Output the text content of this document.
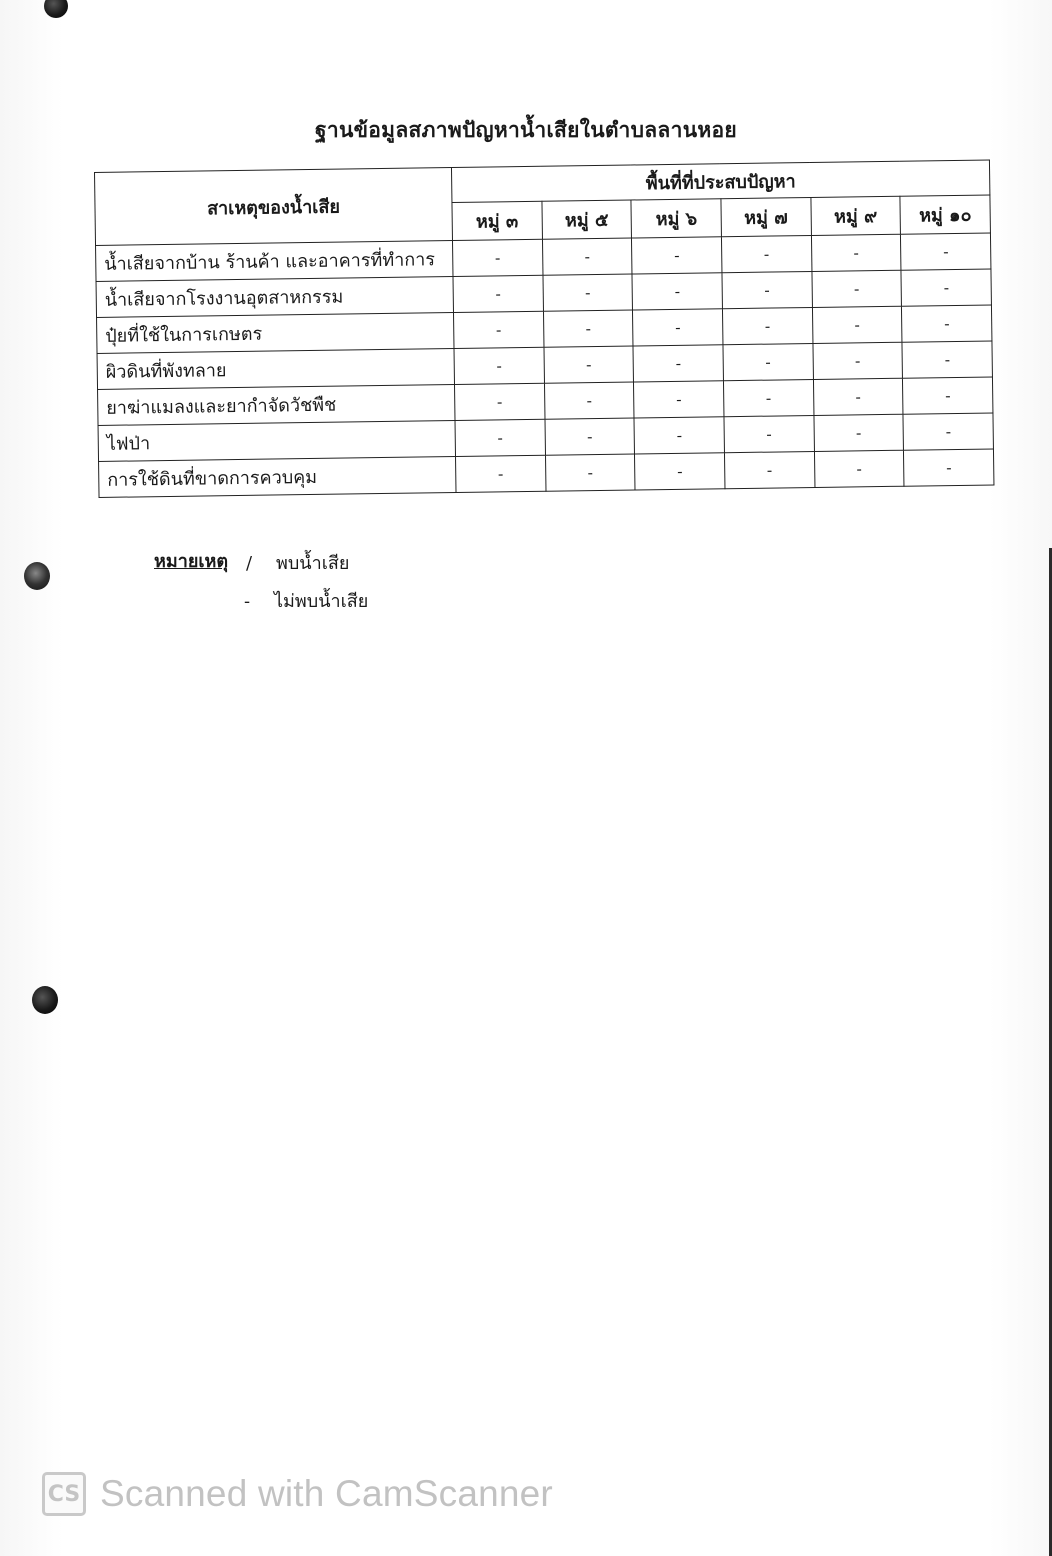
ฐานข้อมูลสภาพปัญหาน้ำเสียในตำบลลานหอย
สาเหตุของน้ำเสีย	พื้นที่ที่ประสบปัญหา					
	หมู่ ๓	หมู่ ๕	หมู่ ๖	หมู่ ๗	หมู่ ๙	หมู่ ๑๐
น้ำเสียจากบ้าน ร้านค้า และอาคารที่ทำการ	-	-	-	-	-	-
น้ำเสียจากโรงงานอุตสาหกรรม	-	-	-	-	-	-
ปุ๋ยที่ใช้ในการเกษตร	-	-	-	-	-	-
ผิวดินที่พังทลาย	-	-	-	-	-	-
ยาฆ่าแมลงและยากำจัดวัชพืช	-	-	-	-	-	-
ไฟป่า	-	-	-	-	-	-
การใช้ดินที่ขาดการควบคุม	-	-	-	-	-	-
หมายเหตุ / พบน้ำเสีย
- ไม่พบน้ำเสีย
CS Scanned with CamScanner
